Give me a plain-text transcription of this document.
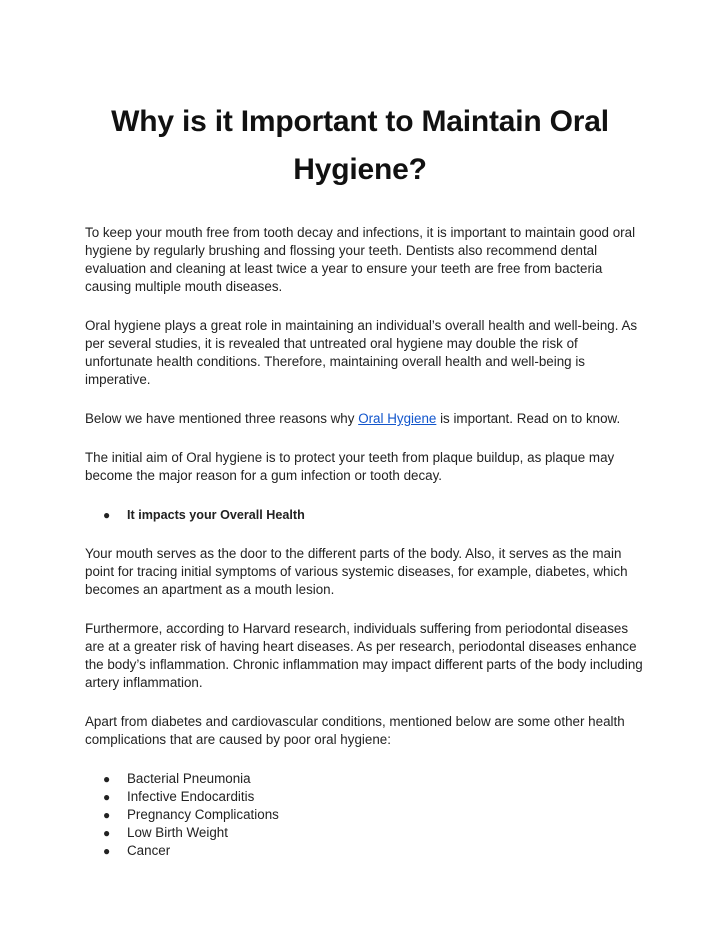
Why is it Important to Maintain Oral Hygiene?

To keep your mouth free from tooth decay and infections, it is important to maintain good oral hygiene by regularly brushing and flossing your teeth. Dentists also recommend dental evaluation and cleaning at least twice a year to ensure your teeth are free from bacteria causing multiple mouth diseases.

Oral hygiene plays a great role in maintaining an individual’s overall health and well-being. As per several studies, it is revealed that untreated oral hygiene may double the risk of unfortunate health conditions. Therefore, maintaining overall health and well-being is imperative.

Below we have mentioned three reasons why Oral Hygiene is important. Read on to know.

The initial aim of Oral hygiene is to protect your teeth from plaque buildup, as plaque may become the major reason for a gum infection or tooth decay.

● It impacts your Overall Health

Your mouth serves as the door to the different parts of the body. Also, it serves as the main point for tracing initial symptoms of various systemic diseases, for example, diabetes, which becomes an apartment as a mouth lesion.

Furthermore, according to Harvard research, individuals suffering from periodontal diseases are at a greater risk of having heart diseases. As per research, periodontal diseases enhance the body’s inflammation. Chronic inflammation may impact different parts of the body including artery inflammation.

Apart from diabetes and cardiovascular conditions, mentioned below are some other health complications that are caused by poor oral hygiene:

● Bacterial Pneumonia
● Infective Endocarditis
● Pregnancy Complications
● Low Birth Weight
● Cancer
